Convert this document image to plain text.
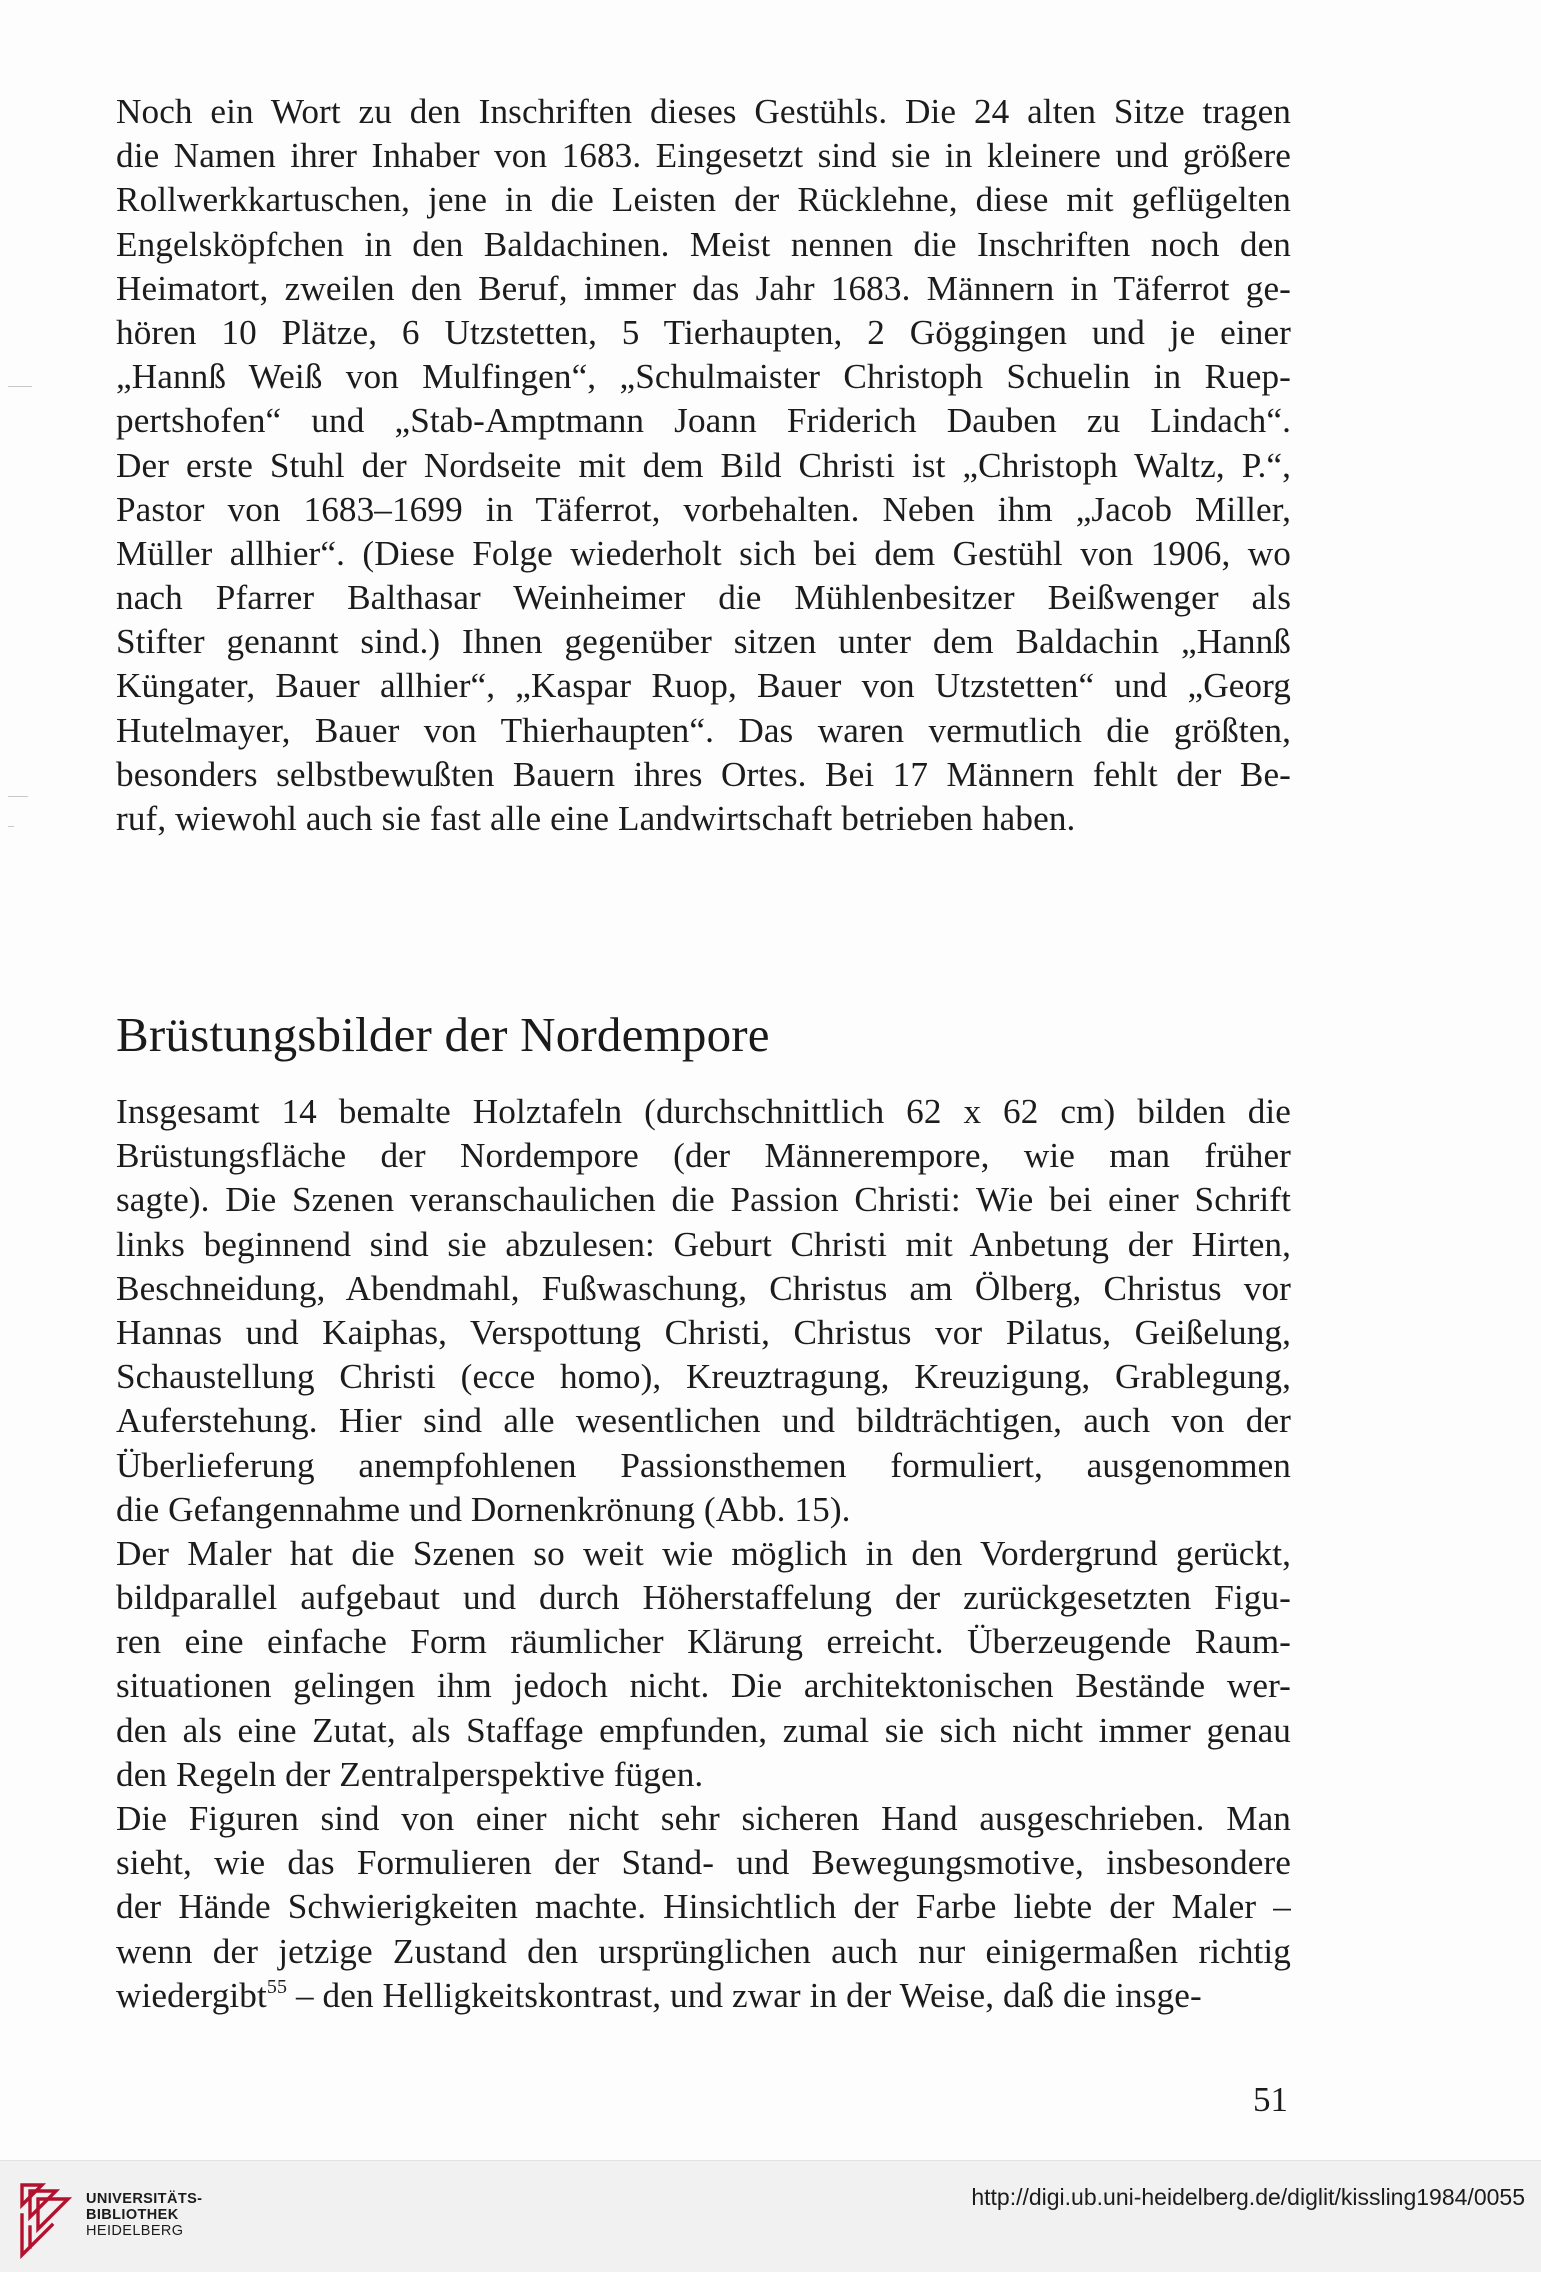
Noch ein Wort zu den Inschriften dieses Gestühls. Die 24 alten Sitze tragen
die Namen ihrer Inhaber von 1683. Eingesetzt sind sie in kleinere und größere
Rollwerkkartuschen, jene in die Leisten der Rücklehne, diese mit geflügelten
Engelsköpfchen in den Baldachinen. Meist nennen die Inschriften noch den
Heimatort, zweilen den Beruf, immer das Jahr 1683. Männern in Täferrot ge-
hören 10 Plätze, 6 Utzstetten, 5 Tierhaupten, 2 Göggingen und je einer
„Hannß Weiß von Mulfingen“, „Schulmaister Christoph Schuelin in Ruep-
pertshofen“ und „Stab-Amptmann Joann Friderich Dauben zu Lindach“.
Der erste Stuhl der Nordseite mit dem Bild Christi ist „Christoph Waltz, P.“,
Pastor von 1683–1699 in Täferrot, vorbehalten. Neben ihm „Jacob Miller,
Müller allhier“. (Diese Folge wiederholt sich bei dem Gestühl von 1906, wo
nach Pfarrer Balthasar Weinheimer die Mühlenbesitzer Beißwenger als
Stifter genannt sind.) Ihnen gegenüber sitzen unter dem Baldachin „Hannß
Küngater, Bauer allhier“, „Kaspar Ruop, Bauer von Utzstetten“ und „Georg
Hutelmayer, Bauer von Thierhaupten“. Das waren vermutlich die größten,
besonders selbstbewußten Bauern ihres Ortes. Bei 17 Männern fehlt der Be-
ruf, wiewohl auch sie fast alle eine Landwirtschaft betrieben haben.
Brüstungsbilder der Nordempore
Insgesamt 14 bemalte Holztafeln (durchschnittlich 62 x 62 cm) bilden die
Brüstungsfläche der Nordempore (der Männerempore, wie man früher
sagte). Die Szenen veranschaulichen die Passion Christi: Wie bei einer Schrift
links beginnend sind sie abzulesen: Geburt Christi mit Anbetung der Hirten,
Beschneidung, Abendmahl, Fußwaschung, Christus am Ölberg, Christus vor
Hannas und Kaiphas, Verspottung Christi, Christus vor Pilatus, Geißelung,
Schaustellung Christi (ecce homo), Kreuztragung, Kreuzigung, Grablegung,
Auferstehung. Hier sind alle wesentlichen und bildträchtigen, auch von der
Überlieferung anempfohlenen Passionsthemen formuliert, ausgenommen
die Gefangennahme und Dornenkrönung (Abb. 15).
Der Maler hat die Szenen so weit wie möglich in den Vordergrund gerückt,
bildparallel aufgebaut und durch Höherstaffelung der zurückgesetzten Figu-
ren eine einfache Form räumlicher Klärung erreicht. Überzeugende Raum-
situationen gelingen ihm jedoch nicht. Die architektonischen Bestände wer-
den als eine Zutat, als Staffage empfunden, zumal sie sich nicht immer genau
den Regeln der Zentralperspektive fügen.
Die Figuren sind von einer nicht sehr sicheren Hand ausgeschrieben. Man
sieht, wie das Formulieren der Stand- und Bewegungsmotive, insbesondere
der Hände Schwierigkeiten machte. Hinsichtlich der Farbe liebte der Maler –
wenn der jetzige Zustand den ursprünglichen auch nur einigermaßen richtig
wiedergibt$^{55}$ – den Helligkeitskontrast, und zwar in der Weise, daß die insge-
51
UNIVERSITÄTS-
BIBLIOTHEK
HEIDELBERG
http://digi.ub.uni-heidelberg.de/diglit/kissling1984/0055
